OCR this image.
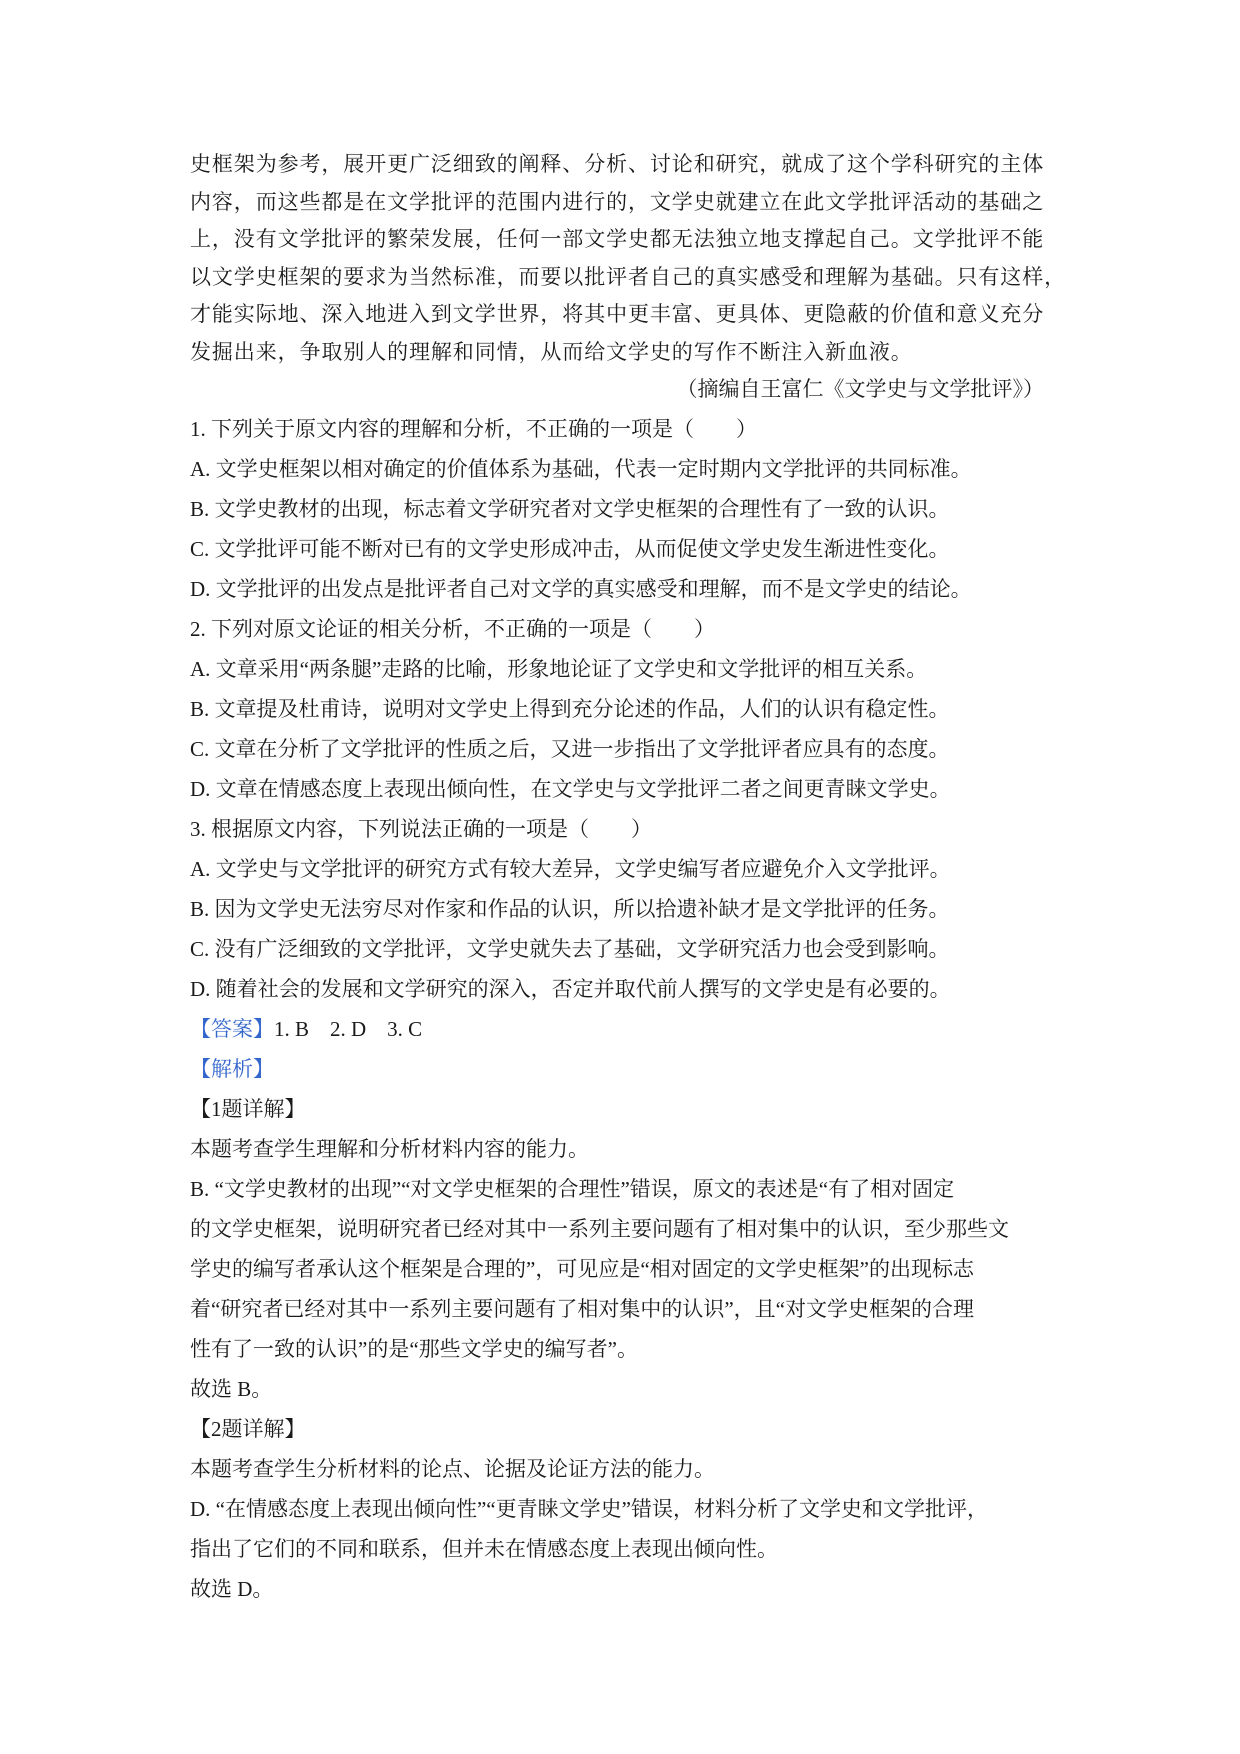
史框架为参考，展开更广泛细致的阐释、分析、讨论和研究，就成了这个学科研究的主体
内容，而这些都是在文学批评的范围内进行的，文学史就建立在此文学批评活动的基础之
上，没有文学批评的繁荣发展，任何一部文学史都无法独立地支撑起自己。文学批评不能
以文学史框架的要求为当然标准，而要以批评者自己的真实感受和理解为基础。只有这样，
才能实际地、深入地进入到文学世界，将其中更丰富、更具体、更隐蔽的价值和意义充分
发掘出来，争取别人的理解和同情，从而给文学史的写作不断注入新血液。
（摘编自王富仁《文学史与文学批评》）
1. 下列关于原文内容的理解和分析，不正确的一项是（　　）
A. 文学史框架以相对确定的价值体系为基础，代表一定时期内文学批评的共同标准。
B. 文学史教材的出现，标志着文学研究者对文学史框架的合理性有了一致的认识。
C. 文学批评可能不断对已有的文学史形成冲击，从而促使文学史发生渐进性变化。
D. 文学批评的出发点是批评者自己对文学的真实感受和理解，而不是文学史的结论。
2. 下列对原文论证的相关分析，不正确的一项是（　　）
A. 文章采用“两条腿”走路的比喻，形象地论证了文学史和文学批评的相互关系。
B. 文章提及杜甫诗，说明对文学史上得到充分论述的作品，人们的认识有稳定性。
C. 文章在分析了文学批评的性质之后，又进一步指出了文学批评者应具有的态度。
D. 文章在情感态度上表现出倾向性，在文学史与文学批评二者之间更青睐文学史。
3. 根据原文内容，下列说法正确的一项是（　　）
A. 文学史与文学批评的研究方式有较大差异，文学史编写者应避免介入文学批评。
B. 因为文学史无法穷尽对作家和作品的认识，所以拾遗补缺才是文学批评的任务。
C. 没有广泛细致的文学批评，文学史就失去了基础，文学研究活力也会受到影响。
D. 随着社会的发展和文学研究的深入，否定并取代前人撰写的文学史是有必要的。
【答案】1. B　2. D　3. C
【解析】
【1题详解】
本题考查学生理解和分析材料内容的能力。
B. “文学史教材的出现”“对文学史框架的合理性”错误，原文的表述是“有了相对固定
的文学史框架，说明研究者已经对其中一系列主要问题有了相对集中的认识，至少那些文
学史的编写者承认这个框架是合理的”，可见应是“相对固定的文学史框架”的出现标志
着“研究者已经对其中一系列主要问题有了相对集中的认识”，且“对文学史框架的合理
性有了一致的认识”的是“那些文学史的编写者”。
故选 B。
【2题详解】
本题考查学生分析材料的论点、论据及论证方法的能力。
D. “在情感态度上表现出倾向性”“更青睐文学史”错误，材料分析了文学史和文学批评，
指出了它们的不同和联系，但并未在情感态度上表现出倾向性。
故选 D。
